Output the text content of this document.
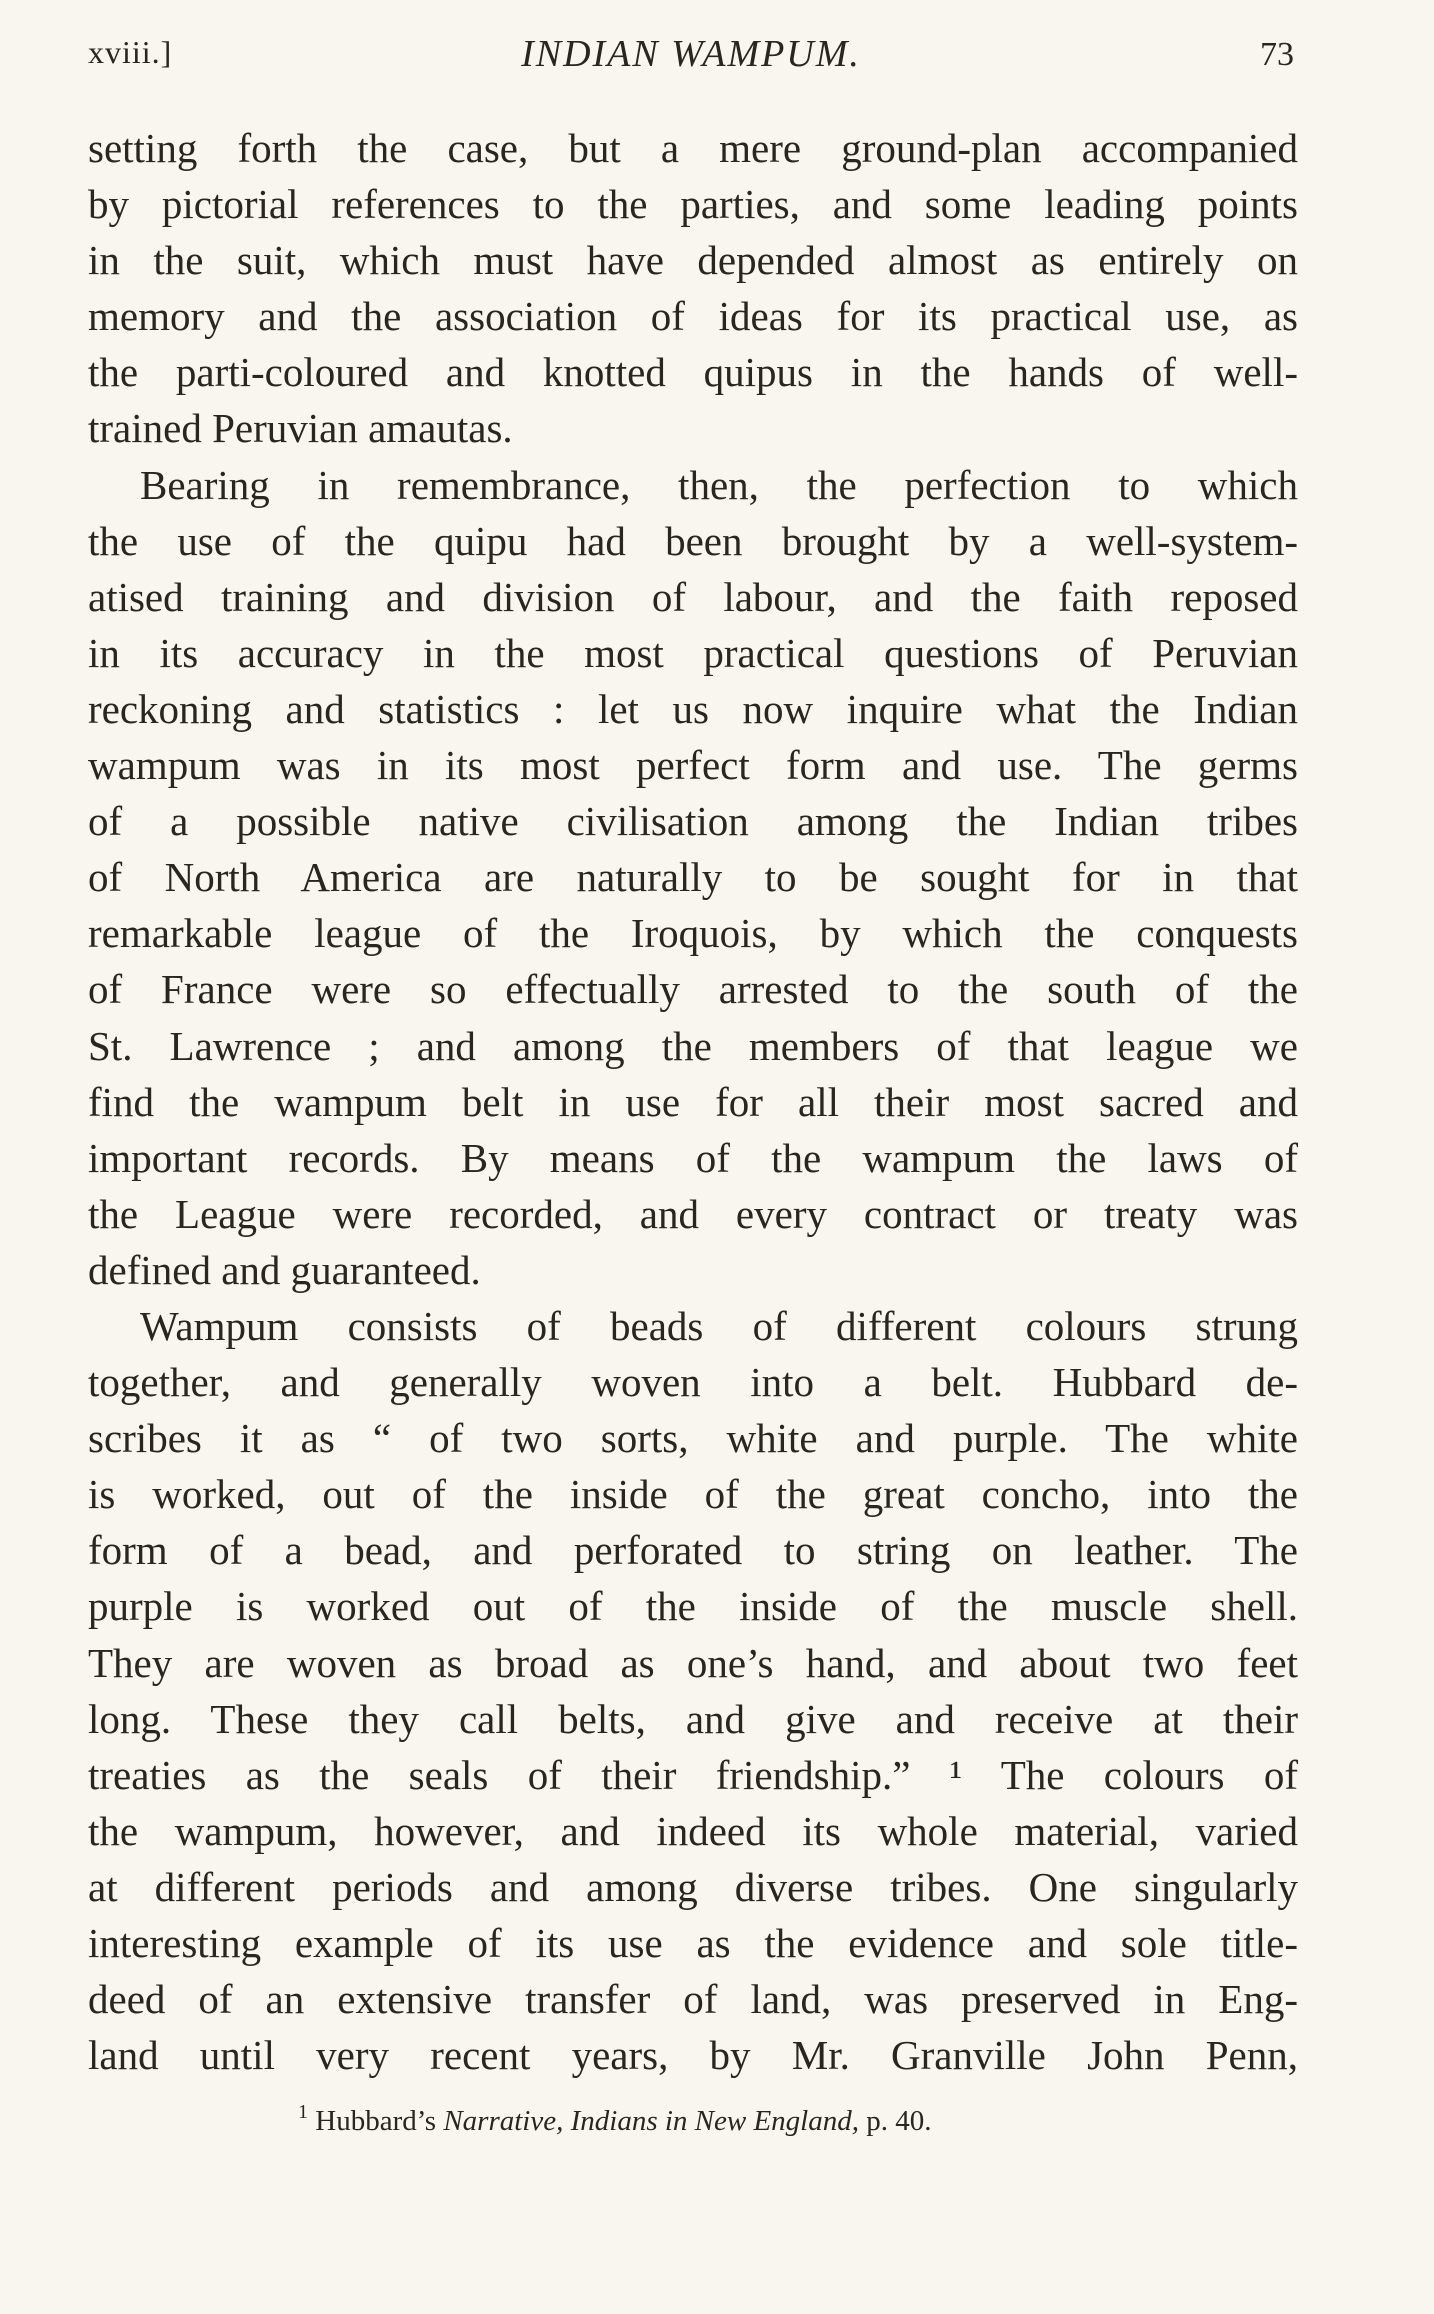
xviii.]	INDIAN WAMPUM.	73
setting forth the case, but a mere ground-plan accompanied
by pictorial references to the parties, and some leading points
in the suit, which must have depended almost as entirely on
memory and the association of ideas for its practical use, as
the parti-coloured and knotted quipus in the hands of well-
trained Peruvian amautas.
Bearing in remembrance, then, the perfection to which
the use of the quipu had been brought by a well-system-
atised training and division of labour, and the faith reposed
in its accuracy in the most practical questions of Peruvian
reckoning and statistics : let us now inquire what the Indian
wampum was in its most perfect form and use. The germs
of a possible native civilisation among the Indian tribes
of North America are naturally to be sought for in that
remarkable league of the Iroquois, by which the conquests
of France were so effectually arrested to the south of the
St. Lawrence ; and among the members of that league we
find the wampum belt in use for all their most sacred and
important records. By means of the wampum the laws of
the League were recorded, and every contract or treaty was
defined and guaranteed.
Wampum consists of beads of different colours strung
together, and generally woven into a belt. Hubbard de-
scribes it as “ of two sorts, white and purple. The white
is worked, out of the inside of the great concho, into the
form of a bead, and perforated to string on leather. The
purple is worked out of the inside of the muscle shell.
They are woven as broad as one’s hand, and about two feet
long. These they call belts, and give and receive at their
treaties as the seals of their friendship.” ¹ The colours of
the wampum, however, and indeed its whole material, varied
at different periods and among diverse tribes. One singularly
interesting example of its use as the evidence and sole title-
deed of an extensive transfer of land, was preserved in Eng-
land until very recent years, by Mr. Granville John Penn,
$^1$ Hubbard’s Narrative, Indians in New England, p. 40.
